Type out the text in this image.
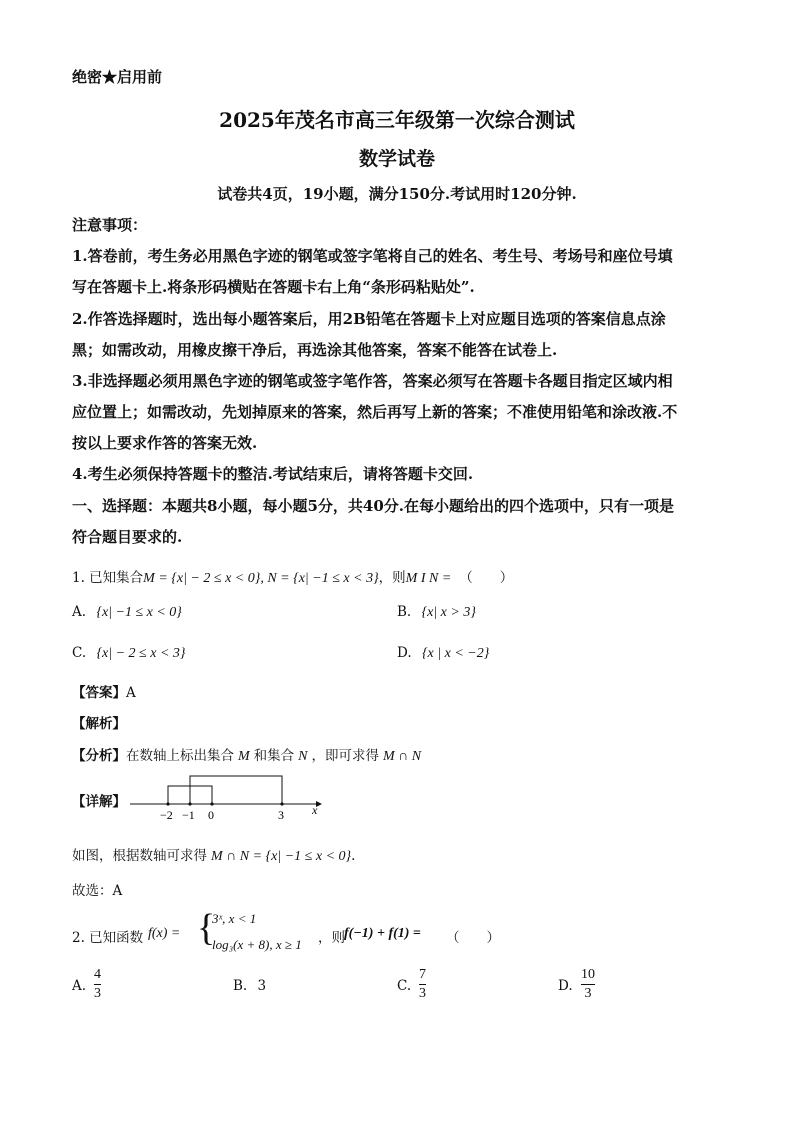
绝密★启用前
2025年茂名市高三年级第一次综合测试
数学试卷
试卷共4页，19小题，满分150分.考试用时120分钟.
注意事项：
1.答卷前，考生务必用黑色字迹的钢笔或签字笔将自己的姓名、考生号、考场号和座位号填
写在答题卡上.将条形码横贴在答题卡右上角“条形码粘贴处”.
2.作答选择题时，选出每小题答案后，用2B铅笔在答题卡上对应题目选项的答案信息点涂
黑；如需改动，用橡皮擦干净后，再选涂其他答案，答案不能答在试卷上.
3.非选择题必须用黑色字迹的钢笔或签字笔作答，答案必须写在答题卡各题目指定区域内相
应位置上；如需改动，先划掉原来的答案，然后再写上新的答案；不准使用铅笔和涂改液.不
按以上要求作答的答案无效.
4.考生必须保持答题卡的整洁.考试结束后，请将答题卡交回.
一、选择题：本题共8小题，每小题5分，共40分.在每小题给出的四个选项中，只有一项是
符合题目要求的.
1. 已知集合M = {x| − 2 ≤ x < 0}, N = {x| −1 ≤ x < 3}，则M I N = （　　）
A. {x| −1 ≤ x < 0}	B. {x| x > 3}
C. {x| − 2 ≤ x < 3}	D. {x | x < −2}
【答案】A
【解析】
【分析】在数轴上标出集合 M 和集合 N ，即可求得 M ∩ N
【详解】
−2 −1 0	3 x
如图，根据数轴可求得 M ∩ N = {x| −1 ≤ x < 0}.
故选：A
2. 已知函数 f(x) = {
3ˣ, x < 1
log₃(x + 8), x ≥ 1 ，则 f(−1) + f(1) = （　　）
A.
4
3	B. 3	C.
7
3	D.
10
3
